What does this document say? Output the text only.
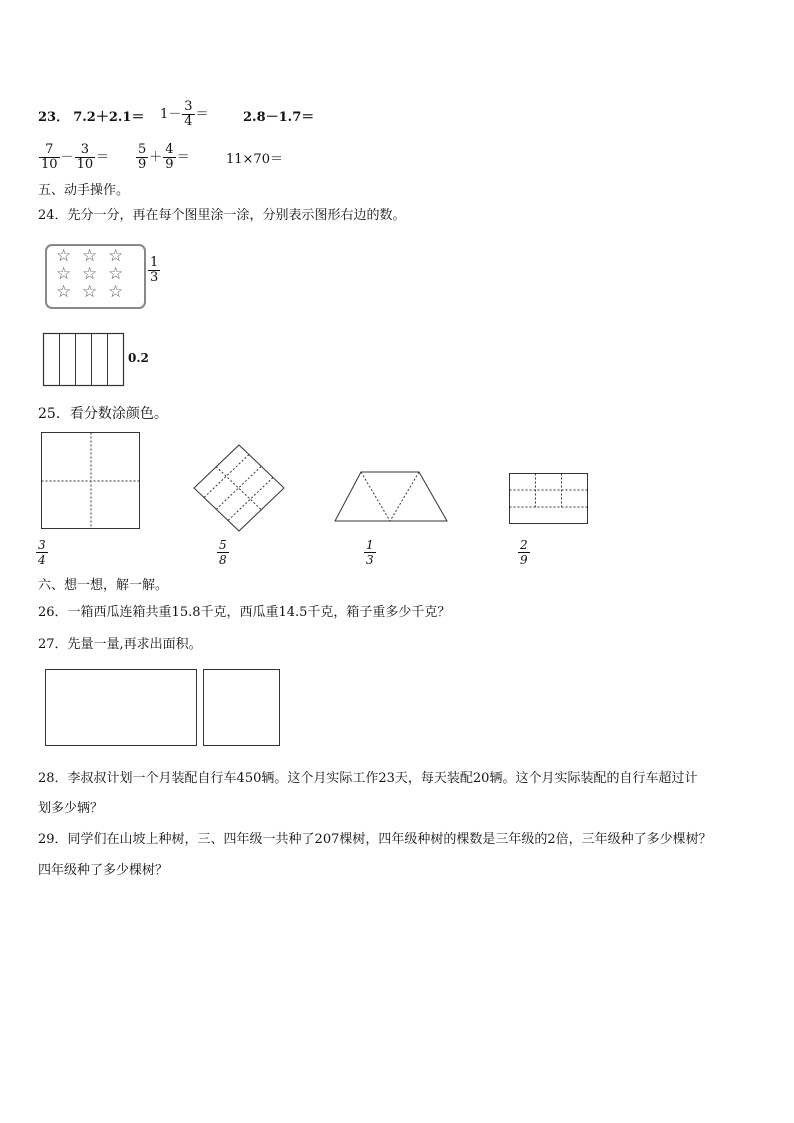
23． $7.2+2.1= 1- \frac{3}{4}$ ＝	2.8－1.7＝
$\frac{7}{10} - \frac{3}{10} = \frac{5}{9} + \frac{4}{9}$ ＝	11×70＝
五、动手操作。
24．先分一分，再在每个图里涂一涂，分别表示图形右边的数。
☆ ☆ ☆
☆ ☆ ☆
☆ ☆ ☆
$\frac{1}{3}$
0.2
25．看分数涂颜色。
$\frac{3}{4}$	$\frac{5}{8}$	$\frac{1}{3}$	$\frac{2}{9}$
六、想一想，解一解。
26．一箱西瓜连箱共重15.8千克，西瓜重14.5千克，箱子重多少千克？
27．先量一量,再求出面积。
28．李叔叔计划一个月装配自行车450辆。这个月实际工作23天，每天装配20辆。这个月实际装配的自行车超过计
划多少辆？
29．同学们在山坡上种树，三、四年级一共种了207棵树，四年级种树的棵数是三年级的2倍，三年级种了多少棵树？
四年级种了多少棵树？
